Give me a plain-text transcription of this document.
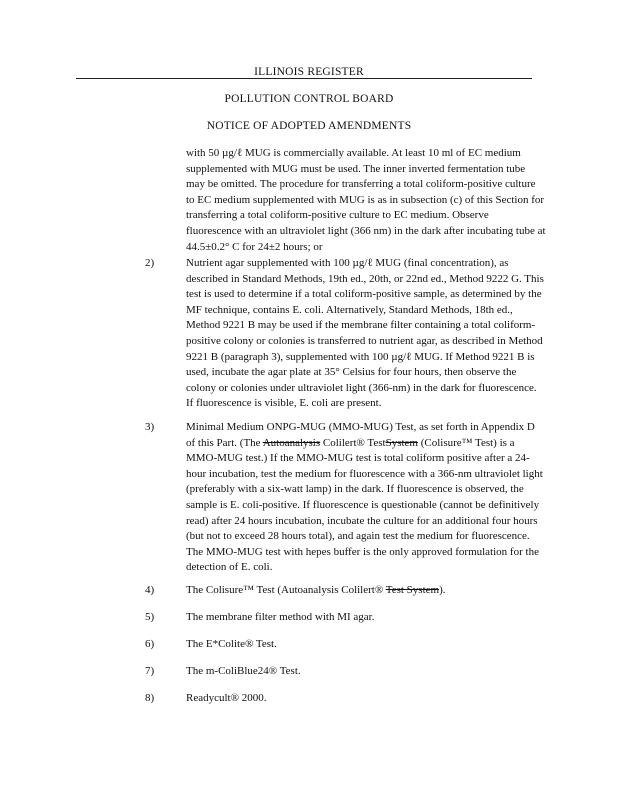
ILLINOIS REGISTER
POLLUTION CONTROL BOARD
NOTICE OF ADOPTED AMENDMENTS

with 50 µg/ℓ MUG is commercially available. At least 10 ml of EC medium supplemented with MUG must be used. The inner inverted fermentation tube may be omitted. The procedure for transferring a total coliform-positive culture to EC medium supplemented with MUG is as in subsection (c) of this Section for transferring a total coliform-positive culture to EC medium. Observe fluorescence with an ultraviolet light (366 nm) in the dark after incubating tube at 44.5±0.2° C for 24±2 hours; or

2)	Nutrient agar supplemented with 100 µg/ℓ MUG (final concentration), as described in Standard Methods, 19th ed., 20th, or 22nd ed., Method 9222 G. This test is used to determine if a total coliform-positive sample, as determined by the MF technique, contains E. coli. Alternatively, Standard Methods, 18th ed., Method 9221 B may be used if the membrane filter containing a total coliform-positive colony or colonies is transferred to nutrient agar, as described in Method 9221 B (paragraph 3), supplemented with 100 µg/ℓ MUG. If Method 9221 B is used, incubate the agar plate at 35° Celsius for four hours, then observe the colony or colonies under ultraviolet light (366-nm) in the dark for fluorescence. If fluorescence is visible, E. coli are present.

3)	Minimal Medium ONPG-MUG (MMO-MUG) Test, as set forth in Appendix D of this Part. (The Autoanalysis Colilert® TestSystem (Colisure™ Test) is a MMO-MUG test.) If the MMO-MUG test is total coliform positive after a 24-hour incubation, test the medium for fluorescence with a 366-nm ultraviolet light (preferably with a six-watt lamp) in the dark. If fluorescence is observed, the sample is E. coli-positive. If fluorescence is questionable (cannot be definitively read) after 24 hours incubation, incubate the culture for an additional four hours (but not to exceed 28 hours total), and again test the medium for fluorescence. The MMO-MUG test with hepes buffer is the only approved formulation for the detection of E. coli.

4)	The Colisure™ Test (Autoanalysis Colilert® Test System).

5)	The membrane filter method with MI agar.

6)	The E*Colite® Test.

7)	The m-ColiBlue24® Test.

8)	Readycult® 2000.
